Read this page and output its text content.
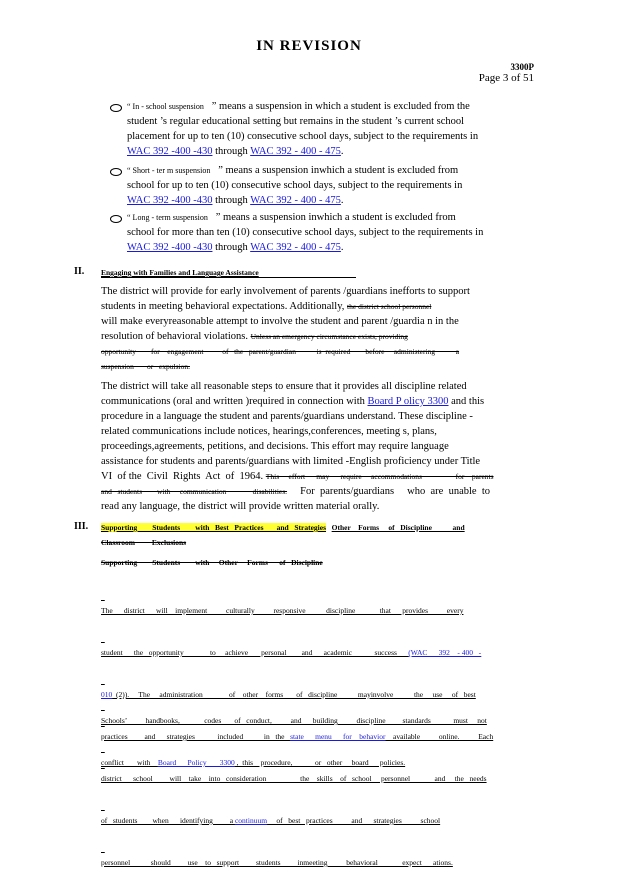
IN REVISION
3300P
Page 3 of 51

“ In - school suspension ” means a suspension in which a student is excluded from the

student ’s regular educational setting but remains in the student ’s current school

placement for up to ten (10) consecutive school days, subject to the requirements in

WAC 392 -400 -430 through WAC 392 - 400 - 475.

“ Short - ter m suspension ” means a suspension inwhich a student is excluded from

school for up to ten (10) consecutive school days, subject to the requirements in

WAC 392 -400 -430 through WAC 392 - 400 - 475.

“ Long - term suspension ” means a suspension inwhich a student is excluded from

school for more than ten (10) consecutive school days, subject to the requirements in

WAC 392 -400 -430 through WAC 392 - 400 - 475.

II. Engaging with Families and Language Assistance

The district will provide for early involvement of parents /guardians inefforts to support

students in meeting behavioral expectations. Additionally, the district school personnel

will make everyreasonable attempt to involve the student and parent /guardia n in the

resolution of behavioral violations. Unless an emergency circumstance exists, providing

opportunity        for    engagement          of   the   parent/guardian           is  required        before     administering           a

suspension       or   expulsion.

The district will take all reasonable steps to ensure that it provides all discipline related

communications (oral and written )required in connection with Board P olicy 3300 and this

procedure in a language the student and parents/guardians understand. These discipline -

related communications include notices, hearings,conferences, meeting s, plans,

proceedings,agreements, petitions, and decisions. This effort may require language

assistance for students and parents/guardians with limited -English proficiency under Title

VI  of the  Civil  Rights  Act  of  1964. This     effort      may      require     accommodations                  for    parents

and   students        with     communication              disabilities.     For  parents/guardians     who  are  unable  to

read any language, the district will provide written material orally.

III. Supporting        Students        with   Best   Practices       and   Strategies Other    Forms     of   Discipline           and
Classroom         Exclusions
Supporting        Students        with     Other     Forms      of   Discipline

The      district      will    implement          culturally          responsive           discipline             that      provides          every

student      the   opportunity              to     achieve       personal        and      academic            success      (WAC      392    - 400   -

010  (2)).     The     administration              of    other    forms       of   discipline           mayinvolve           the     use     of   best

practices         and      strategies            included           in   the   state      menu      for    behavior    available          online.          Each

district      school         will    take    into   consideration                  the    skills    of   school     personnel             and     the   needs

of   students        when      identifying         a continuum     of   best   practices          and      strategies          school

personnel           should         use    to   support         students         inmeeting          behavioral             expect      ations.

Schools’          handbooks,             codes       of   conduct,          and      building          discipline         standards            must     not

conflict       with    Board      Policy       3300 ,  this    procedure,            or   other     board      policies.
